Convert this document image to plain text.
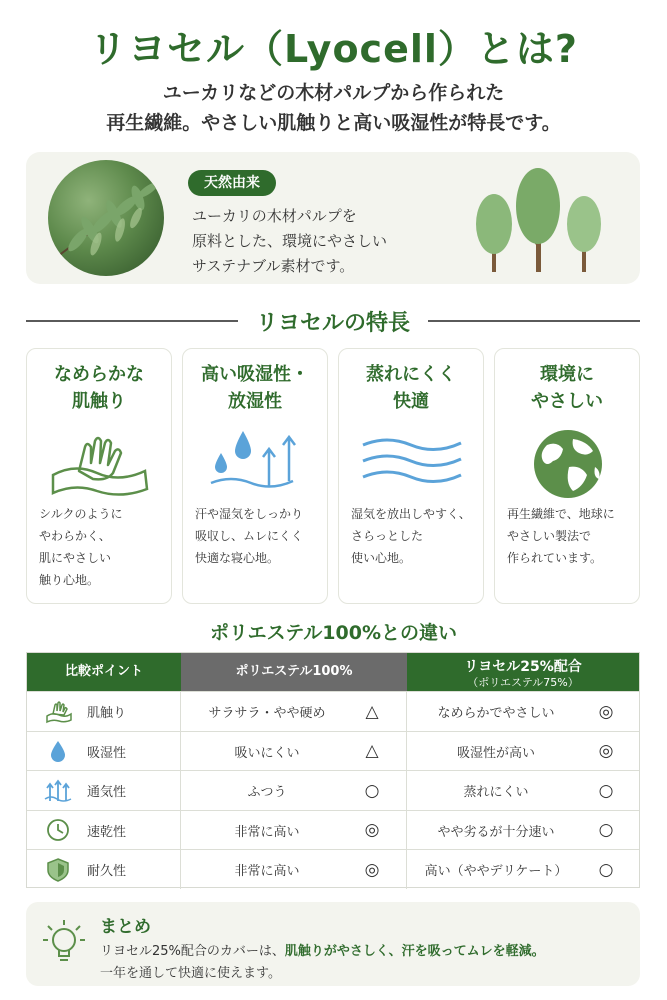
リヨセル（Lyocell）とは?
ユーカリなどの木材パルプから作られた
再生繊維。やさしい肌触りと高い吸湿性が特長です。
天然由来
ユーカリの木材パルプを
原料とした、環境にやさしい
サステナブル素材です。
リヨセルの特長
なめらかな
肌触り
シルクのように
やわらかく、
肌にやさしい
触り心地。
高い吸湿性・
放湿性
汗や湿気をしっかり
吸収し、ムレにくく
快適な寝心地。
蒸れにくく
快適
湿気を放出しやすく、
さらっとした
使い心地。
環境に
やさしい
再生繊維で、地球に
やさしい製法で
作られています。
ポリエステル100%との違い
比較ポイント	ポリエステル100%	リヨセル25%配合
（ポリエステル75%）
肌触り	サラサラ・やや硬め	△	なめらかでやさしい	◎
吸湿性	吸いにくい	△	吸湿性が高い	◎
通気性	ふつう	○	蒸れにくい	○
速乾性	非常に高い	◎	やや劣るが十分速い	○
耐久性	非常に高い	◎	高い（ややデリケート）	○
まとめ
リヨセル25%配合のカバーは、肌触りがやさしく、汗を吸ってムレを軽減。
一年を通して快適に使えます。
